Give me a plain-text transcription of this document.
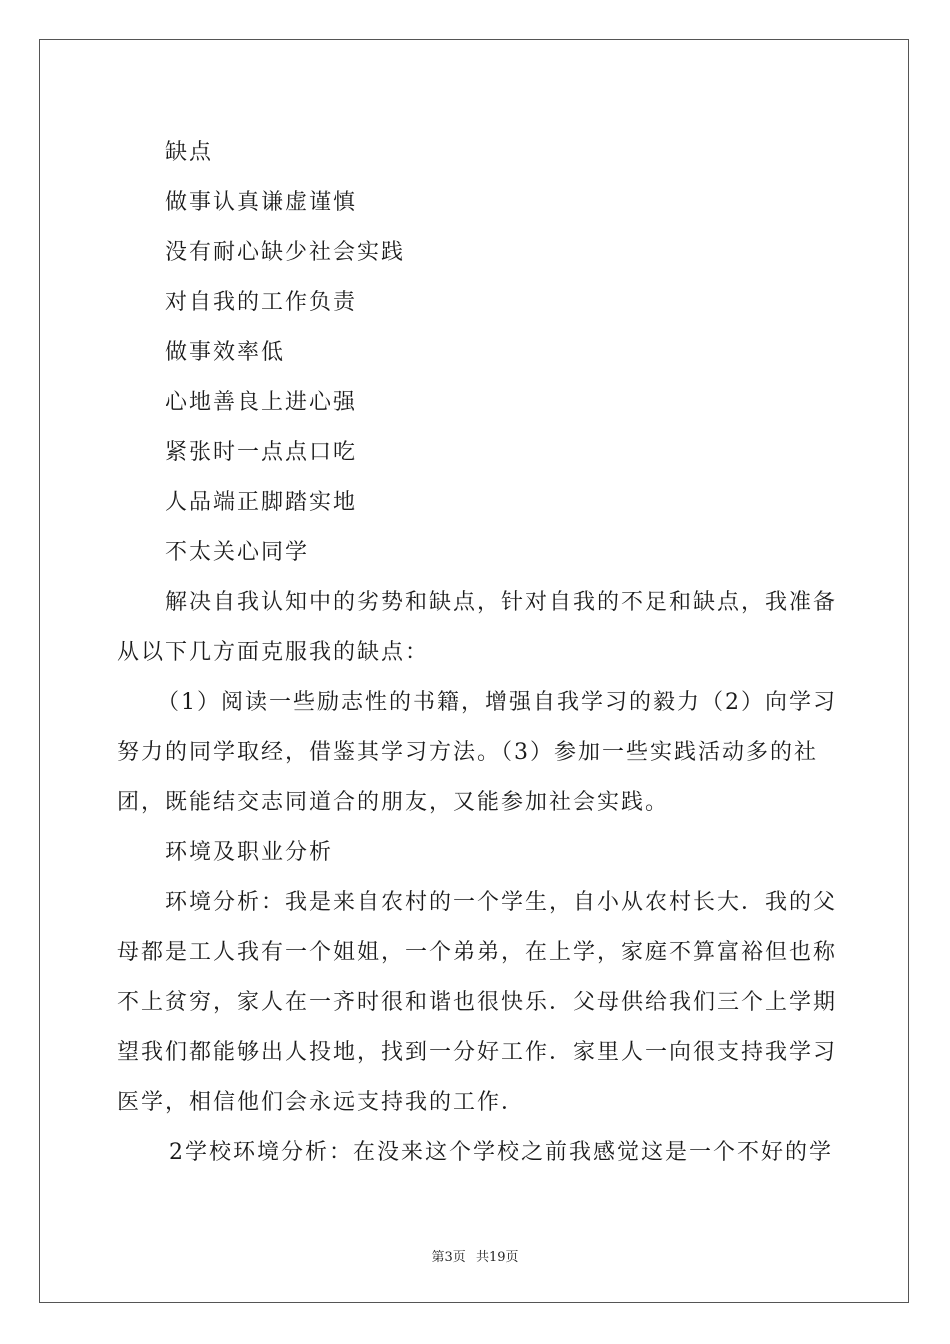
缺点
做事认真谦虚谨慎
没有耐心缺少社会实践
对自我的工作负责
做事效率低
心地善良上进心强
紧张时一点点口吃
人品端正脚踏实地
不太关心同学
解决自我认知中的劣势和缺点，针对自我的不足和缺点，我准备
从以下几方面克服我的缺点：
（1）阅读一些励志性的书籍，增强自我学习的毅力（2）向学习
努力的同学取经，借鉴其学习方法。（3）参加一些实践活动多的社
团，既能结交志同道合的朋友，又能参加社会实践。
环境及职业分析
环境分析：我是来自农村的一个学生，自小从农村长大．我的父
母都是工人我有一个姐姐，一个弟弟，在上学，家庭不算富裕但也称
不上贫穷，家人在一齐时很和谐也很快乐．父母供给我们三个上学期
望我们都能够出人投地，找到一分好工作．家里人一向很支持我学习
医学，相信他们会永远支持我的工作．
2学校环境分析：在没来这个学校之前我感觉这是一个不好的学
第3页 共19页
